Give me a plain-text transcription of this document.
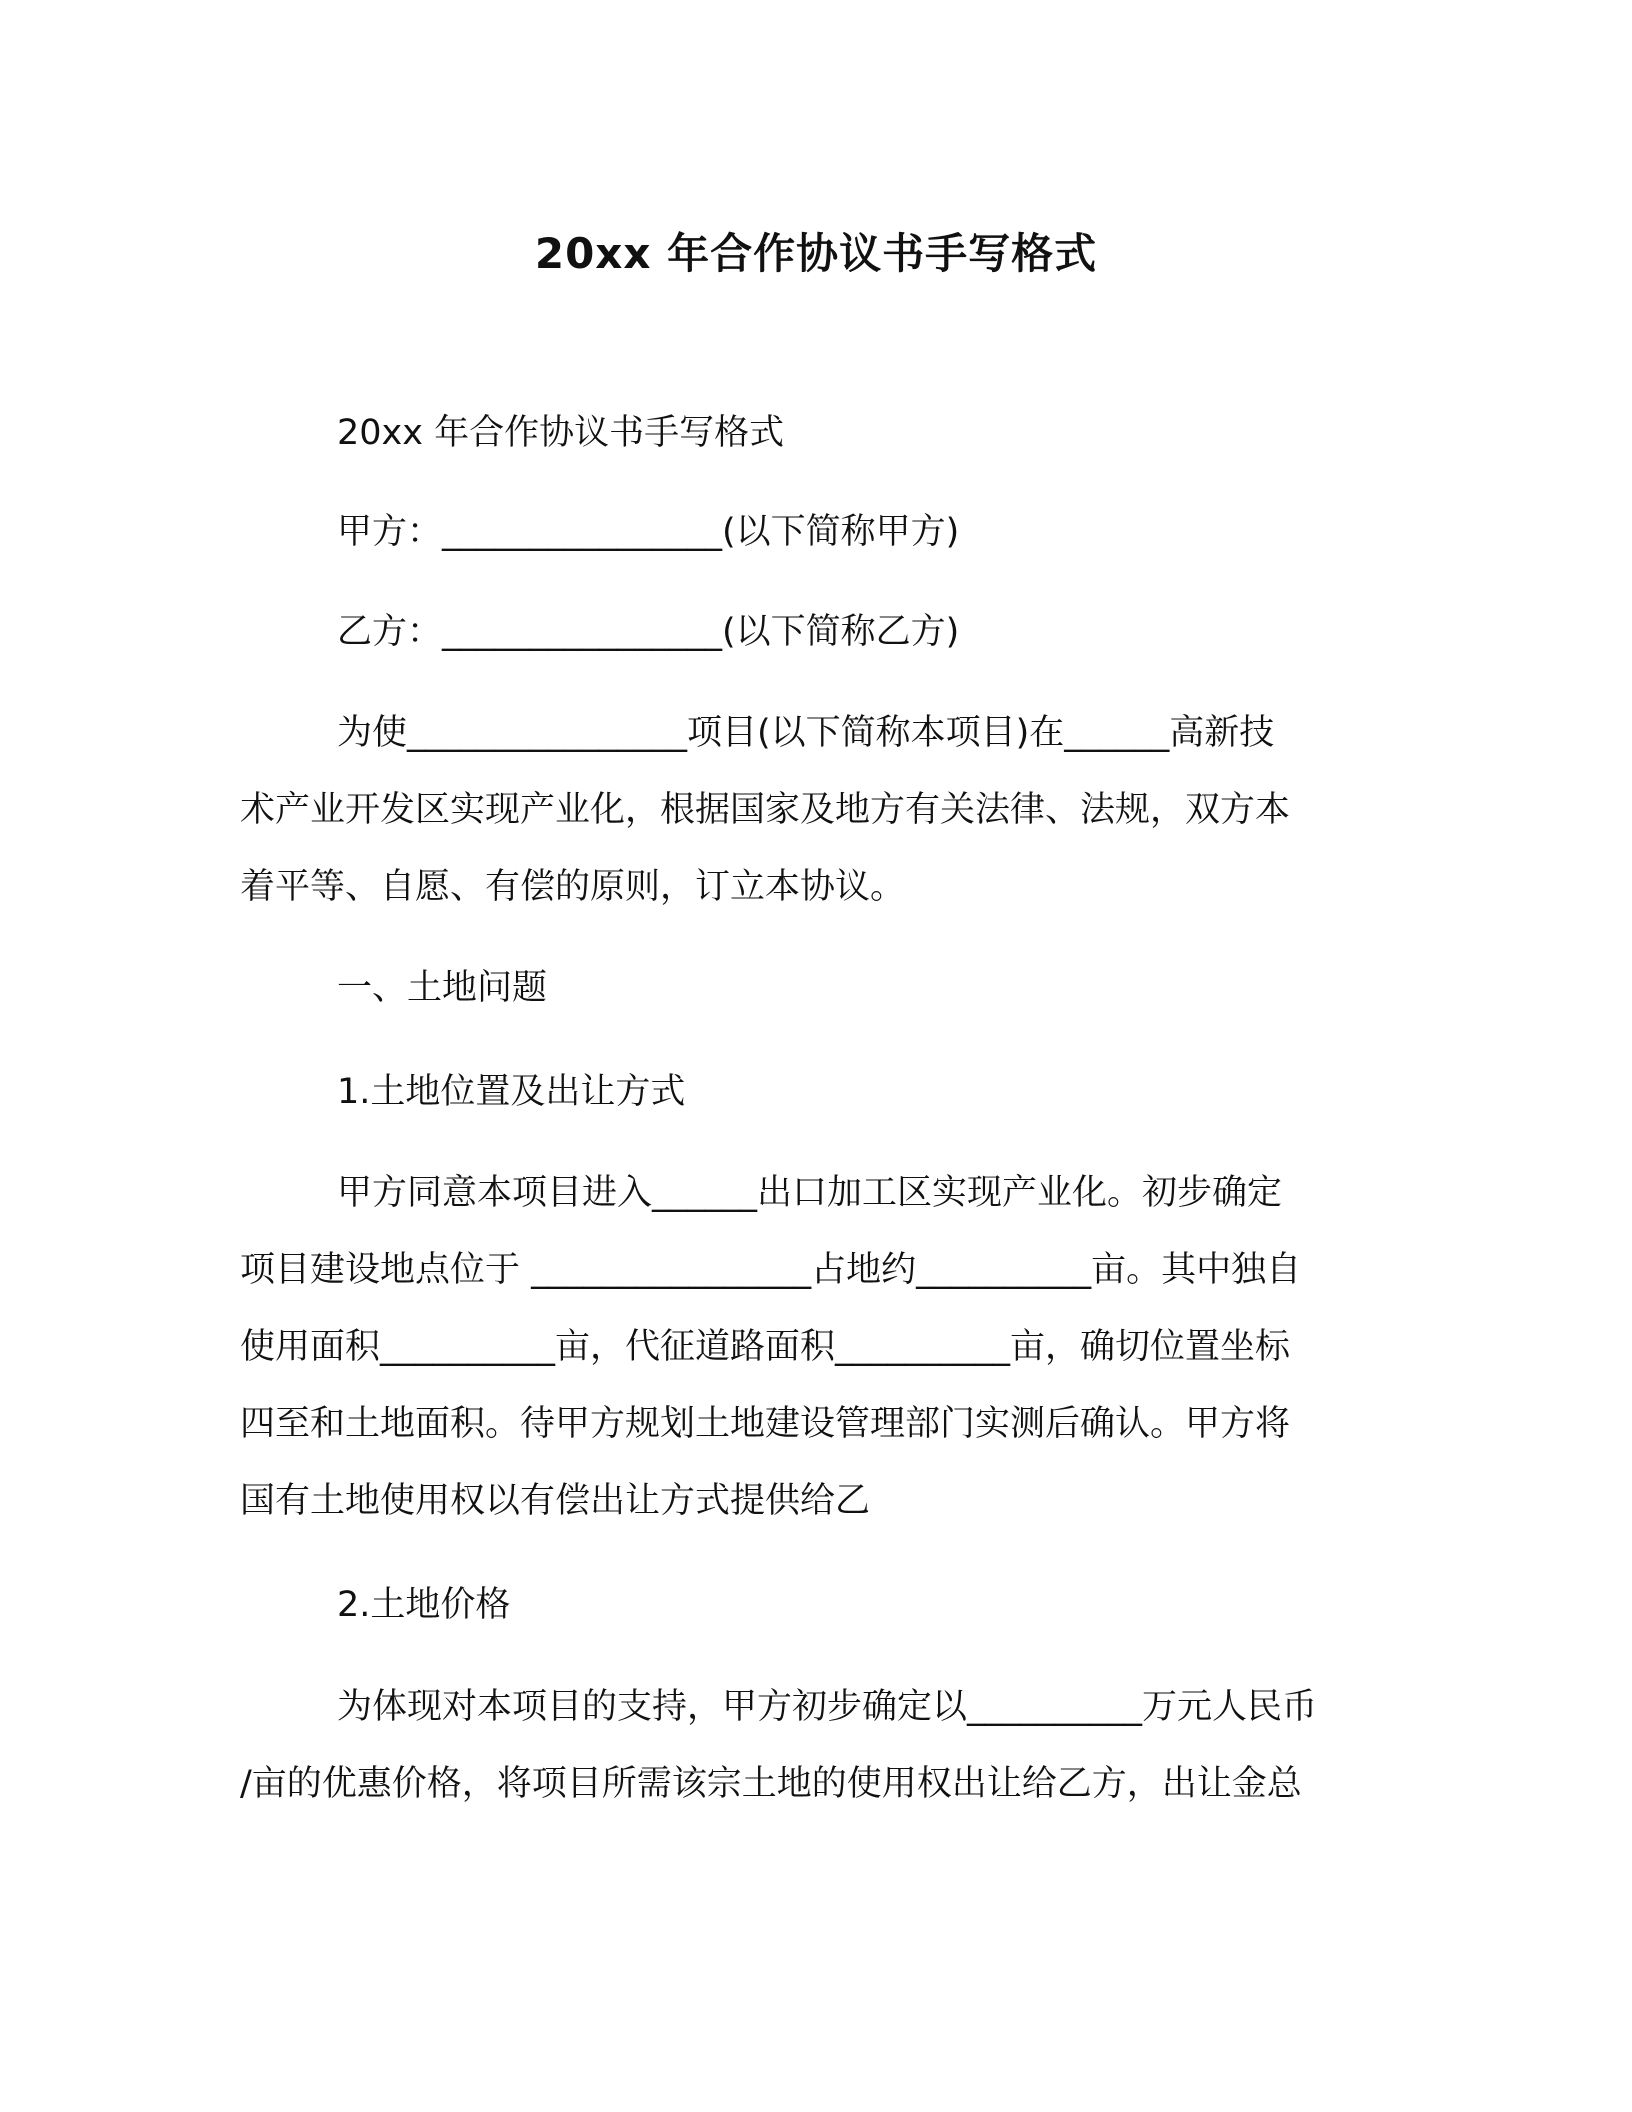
20xx 年合作协议书手写格式
20xx 年合作协议书手写格式
甲方：________________(以下简称甲方)
乙方：________________(以下简称乙方)
为使________________项目(以下简称本项目)在______高新技
术产业开发区实现产业化，根据国家及地方有关法律、法规，双方本
着平等、自愿、有偿的原则，订立本协议。
一、土地问题
1.土地位置及出让方式
甲方同意本项目进入______出口加工区实现产业化。初步确定
项目建设地点位于 ________________占地约__________亩。其中独自
使用面积__________亩，代征道路面积__________亩，确切位置坐标
四至和土地面积。待甲方规划土地建设管理部门实测后确认。甲方将
国有土地使用权以有偿出让方式提供给乙
2.土地价格
为体现对本项目的支持，甲方初步确定以__________万元人民币
/亩的优惠价格，将项目所需该宗土地的使用权出让给乙方，出让金总
